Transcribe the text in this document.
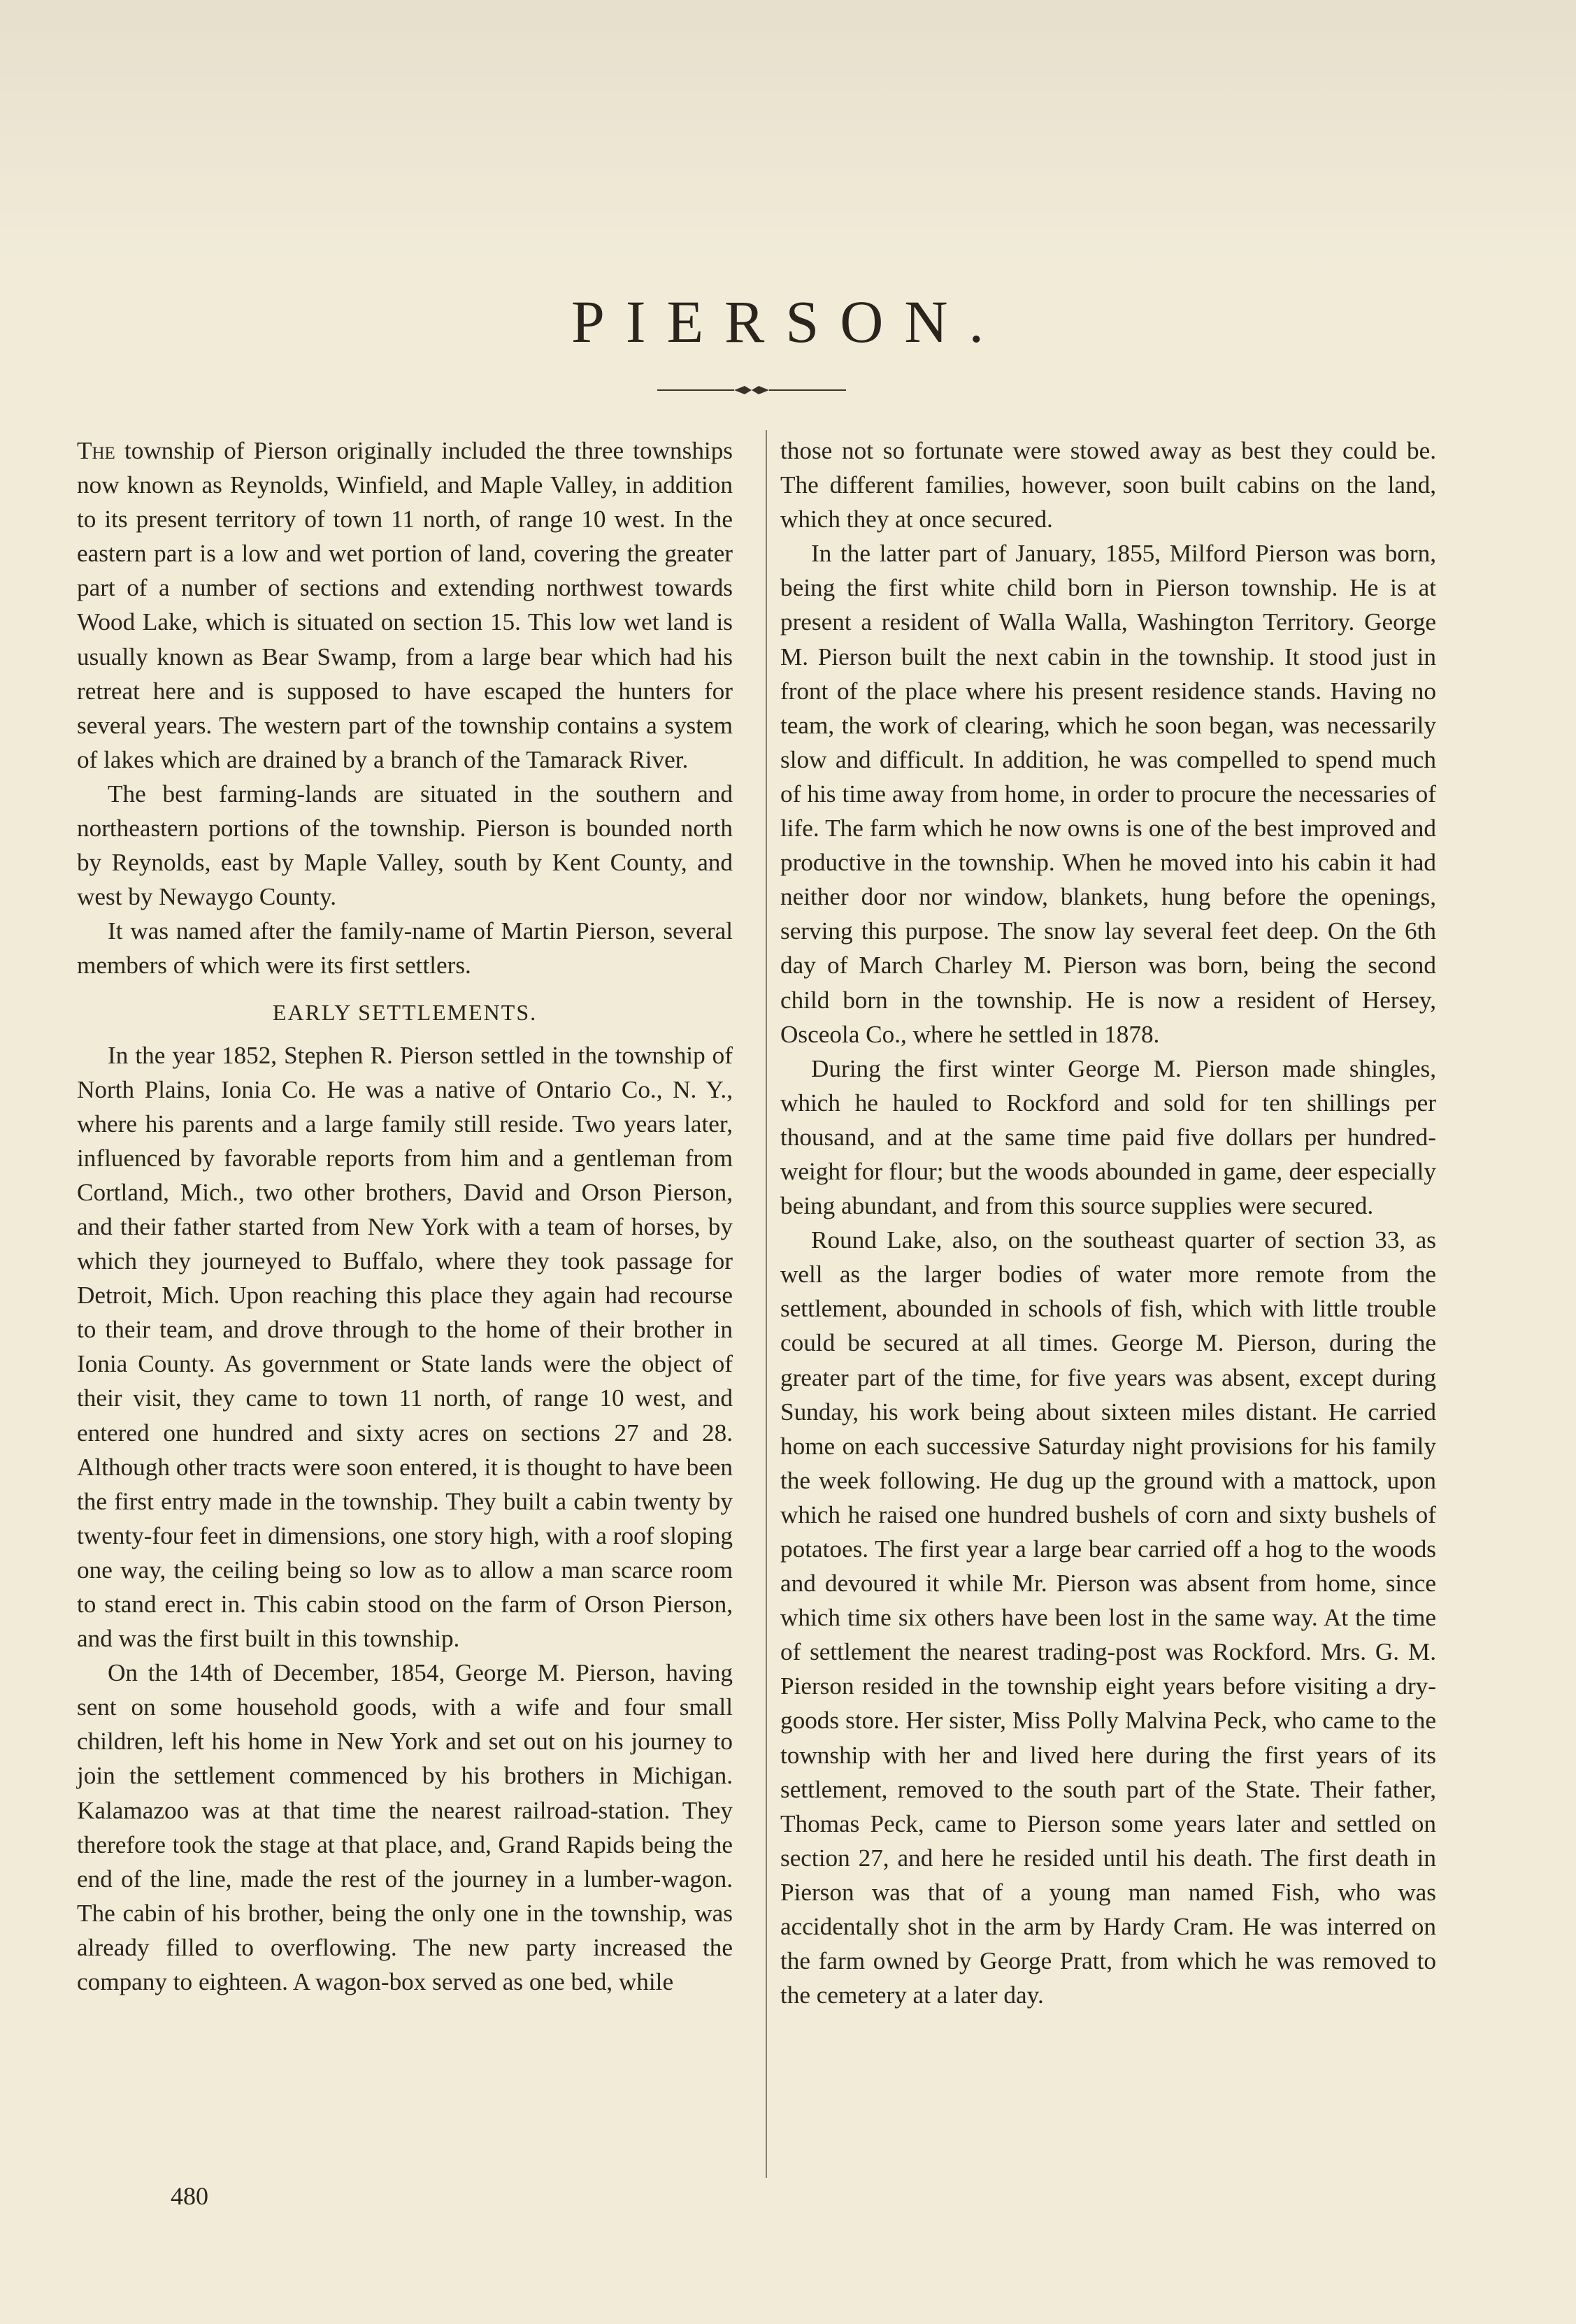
PIERSON.

The township of Pierson originally included the three townships now known as Reynolds, Winfield, and Maple Valley, in addition to its present territory of town 11 north, of range 10 west. In the eastern part is a low and wet portion of land, covering the greater part of a number of sections and extending northwest towards Wood Lake, which is situated on section 15. This low wet land is usually known as Bear Swamp, from a large bear which had his retreat here and is supposed to have escaped the hunters for several years. The western part of the township contains a system of lakes which are drained by a branch of the Tamarack River.

The best farming-lands are situated in the southern and northeastern portions of the township. Pierson is bounded north by Reynolds, east by Maple Valley, south by Kent County, and west by Newaygo County.

It was named after the family-name of Martin Pierson, several members of which were its first settlers.

EARLY SETTLEMENTS.

In the year 1852, Stephen R. Pierson settled in the township of North Plains, Ionia Co. He was a native of Ontario Co., N. Y., where his parents and a large family still reside. Two years later, influenced by favorable reports from him and a gentleman from Cortland, Mich., two other brothers, David and Orson Pierson, and their father started from New York with a team of horses, by which they journeyed to Buffalo, where they took passage for Detroit, Mich. Upon reaching this place they again had recourse to their team, and drove through to the home of their brother in Ionia County. As government or State lands were the object of their visit, they came to town 11 north, of range 10 west, and entered one hundred and sixty acres on sections 27 and 28. Although other tracts were soon entered, it is thought to have been the first entry made in the township. They built a cabin twenty by twenty-four feet in dimensions, one story high, with a roof sloping one way, the ceiling being so low as to allow a man scarce room to stand erect in. This cabin stood on the farm of Orson Pierson, and was the first built in this township.

On the 14th of December, 1854, George M. Pierson, having sent on some household goods, with a wife and four small children, left his home in New York and set out on his journey to join the settlement commenced by his brothers in Michigan. Kalamazoo was at that time the nearest railroad-station. They therefore took the stage at that place, and, Grand Rapids being the end of the line, made the rest of the journey in a lumber-wagon. The cabin of his brother, being the only one in the township, was already filled to overflowing. The new party increased the company to eighteen. A wagon-box served as one bed, while

those not so fortunate were stowed away as best they could be. The different families, however, soon built cabins on the land, which they at once secured.

In the latter part of January, 1855, Milford Pierson was born, being the first white child born in Pierson township. He is at present a resident of Walla Walla, Washington Territory. George M. Pierson built the next cabin in the township. It stood just in front of the place where his present residence stands. Having no team, the work of clearing, which he soon began, was necessarily slow and difficult. In addition, he was compelled to spend much of his time away from home, in order to procure the necessaries of life. The farm which he now owns is one of the best improved and productive in the township. When he moved into his cabin it had neither door nor window, blankets, hung before the openings, serving this purpose. The snow lay several feet deep. On the 6th day of March Charley M. Pierson was born, being the second child born in the township. He is now a resident of Hersey, Osceola Co., where he settled in 1878.

During the first winter George M. Pierson made shingles, which he hauled to Rockford and sold for ten shillings per thousand, and at the same time paid five dollars per hundred-weight for flour; but the woods abounded in game, deer especially being abundant, and from this source supplies were secured.

Round Lake, also, on the southeast quarter of section 33, as well as the larger bodies of water more remote from the settlement, abounded in schools of fish, which with little trouble could be secured at all times. George M. Pierson, during the greater part of the time, for five years was absent, except during Sunday, his work being about sixteen miles distant. He carried home on each successive Saturday night provisions for his family the week following. He dug up the ground with a mattock, upon which he raised one hundred bushels of corn and sixty bushels of potatoes. The first year a large bear carried off a hog to the woods and devoured it while Mr. Pierson was absent from home, since which time six others have been lost in the same way. At the time of settlement the nearest trading-post was Rockford. Mrs. G. M. Pierson resided in the township eight years before visiting a dry-goods store. Her sister, Miss Polly Malvina Peck, who came to the township with her and lived here during the first years of its settlement, removed to the south part of the State. Their father, Thomas Peck, came to Pierson some years later and settled on section 27, and here he resided until his death. The first death in Pierson was that of a young man named Fish, who was accidentally shot in the arm by Hardy Cram. He was interred on the farm owned by George Pratt, from which he was removed to the cemetery at a later day.

480
